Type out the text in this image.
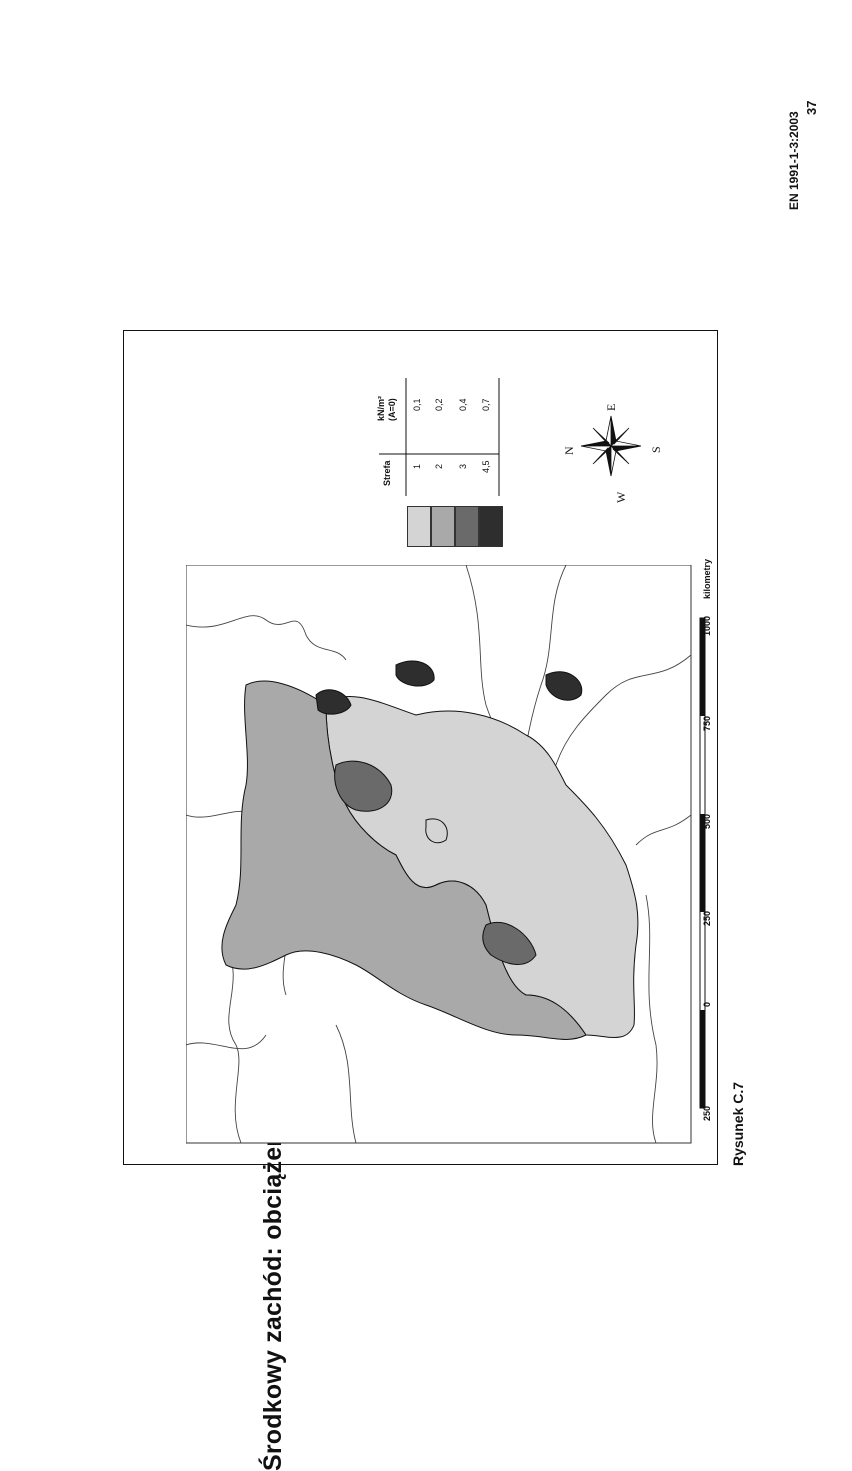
EN 1991-1-3:2003
37
Strefa
kN/m² (A=0)
1 2 3 4,5
0,1 0,2 0,4 0,7
N
E
S
W
1000
kilometry
750
500
250
0
250 Rysunek C.7
